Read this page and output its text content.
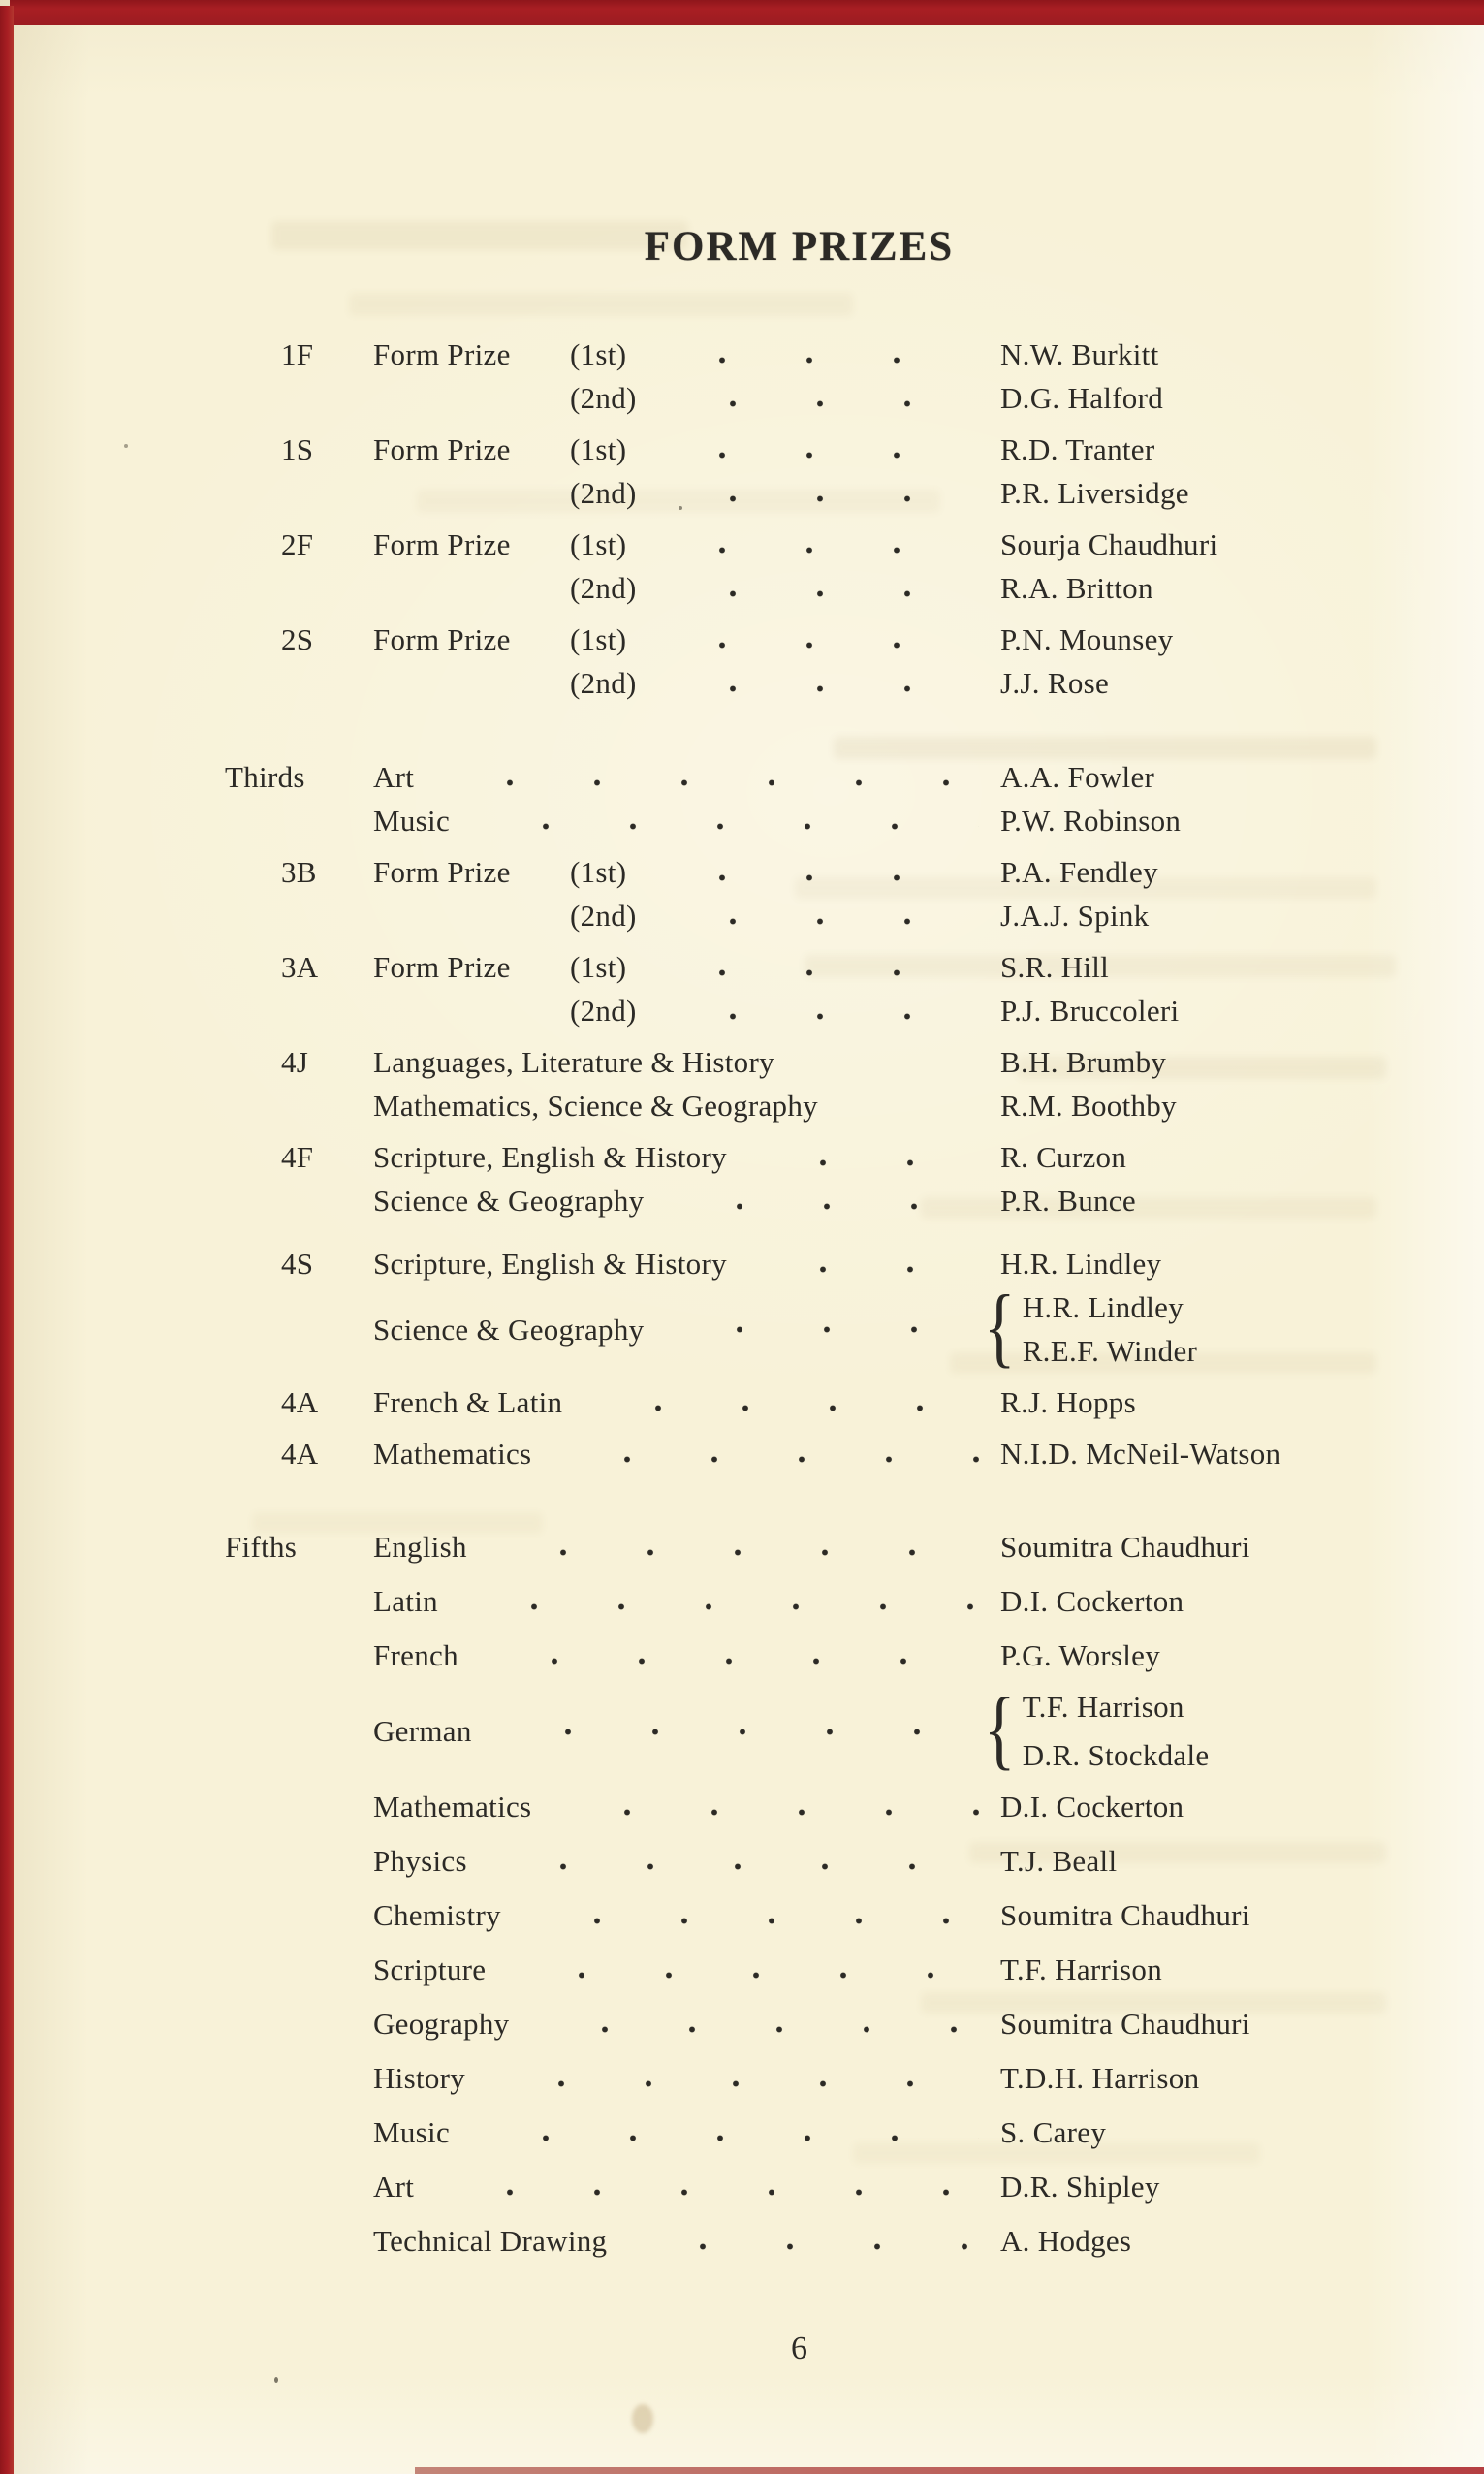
FORM PRIZES
1F	Form Prize	(1st)	N.W. Burkitt
(2nd)	D.G. Halford
1S	Form Prize	(1st)	R.D. Tranter
(2nd)	P.R. Liversidge
2F	Form Prize	(1st)	Sourja Chaudhuri
(2nd)	R.A. Britton
2S	Form Prize	(1st)	P.N. Mounsey
(2nd)	J.J. Rose
Thirds	Art	A.A. Fowler
Music	P.W. Robinson
3B	Form Prize	(1st)	P.A. Fendley
(2nd)	J.A.J. Spink
3A	Form Prize	(1st)	S.R. Hill
(2nd)	P.J. Bruccoleri
4J	Languages, Literature & History	B.H. Brumby
Mathematics, Science & Geography	R.M. Boothby
4F	Scripture, English & History	R. Curzon
Science & Geography	P.R. Bunce
4S	Scripture, English & History	H.R. Lindley
Science & Geography	{ H.R. Lindley
R.E.F. Winder
4A	French & Latin	R.J. Hopps
4A	Mathematics	N.I.D. McNeil-Watson
Fifths	English	Soumitra Chaudhuri
Latin	D.I. Cockerton
French	P.G. Worsley
German	{ T.F. Harrison
D.R. Stockdale
Mathematics	D.I. Cockerton
Physics	T.J. Beall
Chemistry	Soumitra Chaudhuri
Scripture	T.F. Harrison
Geography	Soumitra Chaudhuri
History	T.D.H. Harrison
Music	S. Carey
Art	D.R. Shipley
Technical Drawing	A. Hodges
6
